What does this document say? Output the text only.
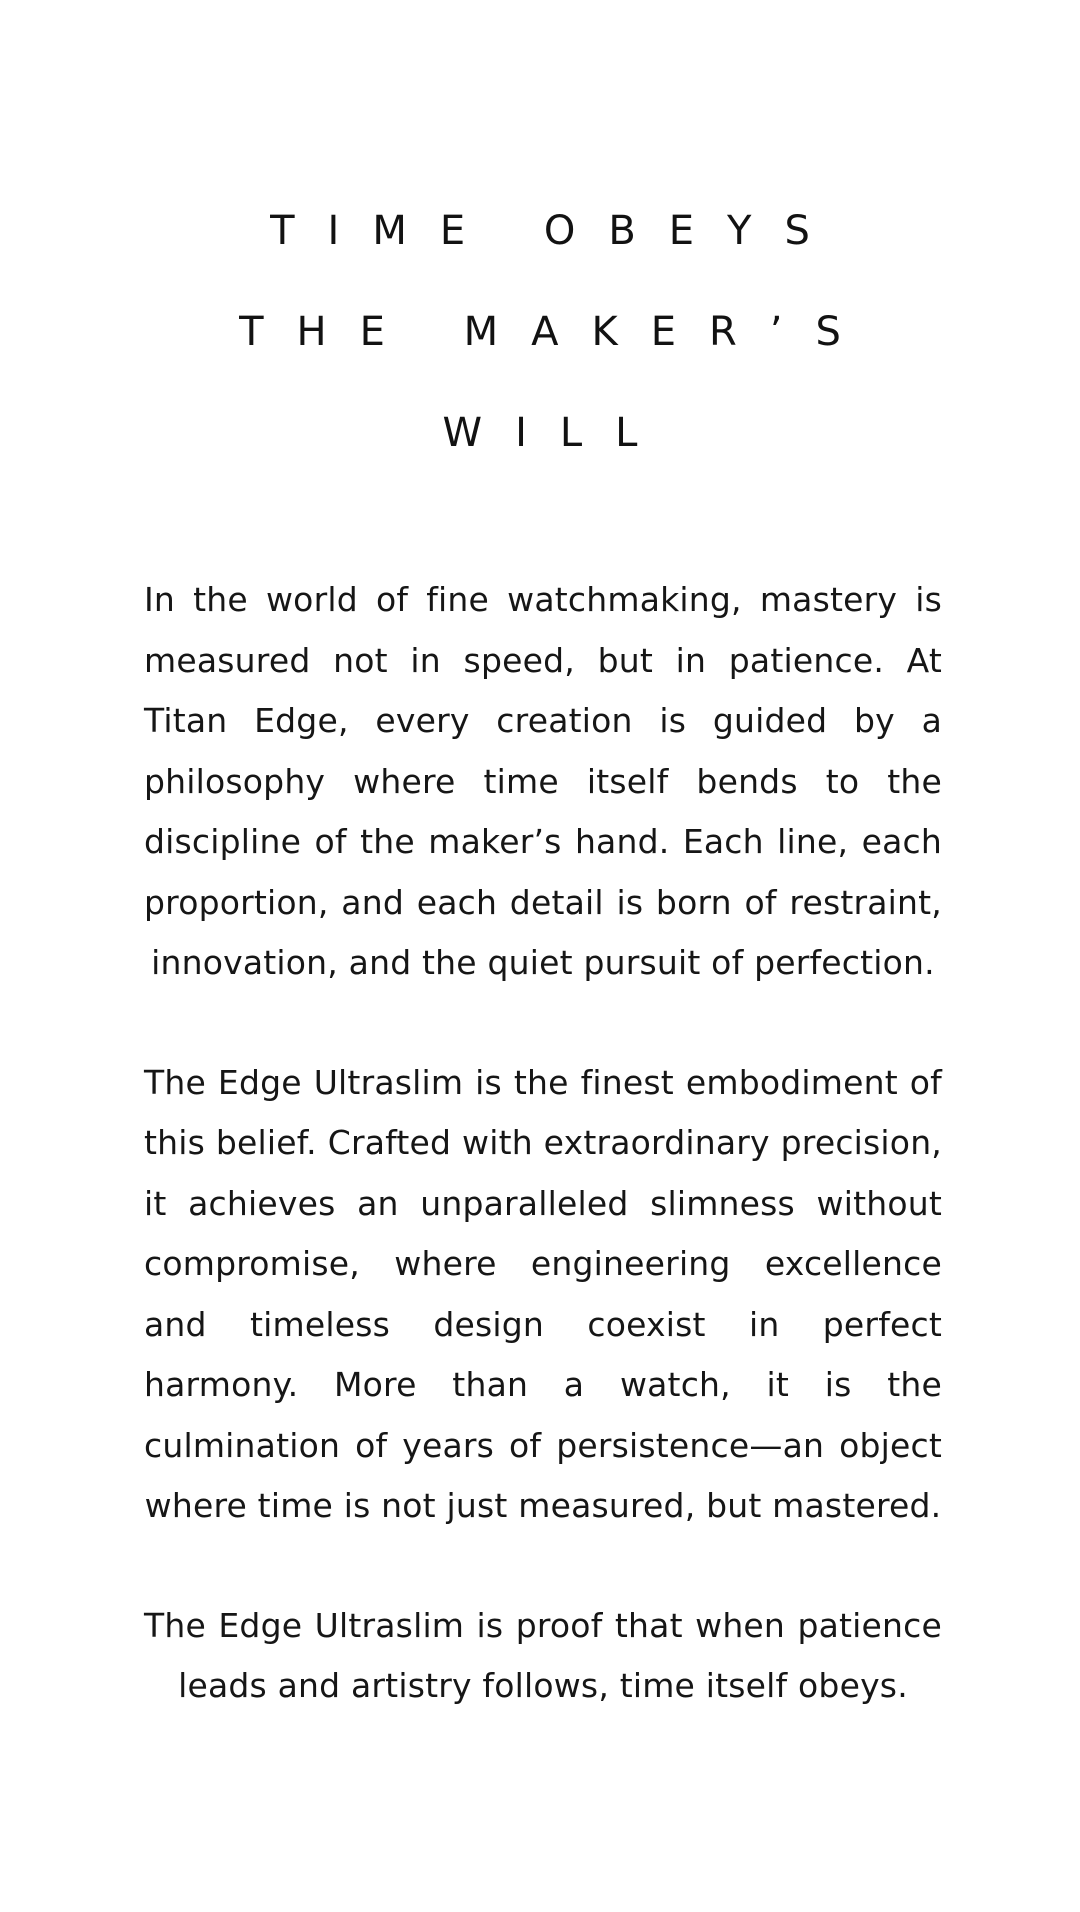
TIME OBEYS
THE MAKER’S
WILL

In the world of fine watchmaking, mastery is measured not in speed, but in patience. At Titan Edge, every creation is guided by a philosophy where time itself bends to the discipline of the maker’s hand. Each line, each proportion, and each detail is born of restraint, innovation, and the quiet pursuit of perfection.

The Edge Ultraslim is the finest embodiment of this belief. Crafted with extraordinary precision, it achieves an unparalleled slimness without compromise, where engineering excellence and timeless design coexist in perfect harmony. More than a watch, it is the culmination of years of persistence—an object where time is not just measured, but mastered.

The Edge Ultraslim is proof that when patience leads and artistry follows, time itself obeys.
